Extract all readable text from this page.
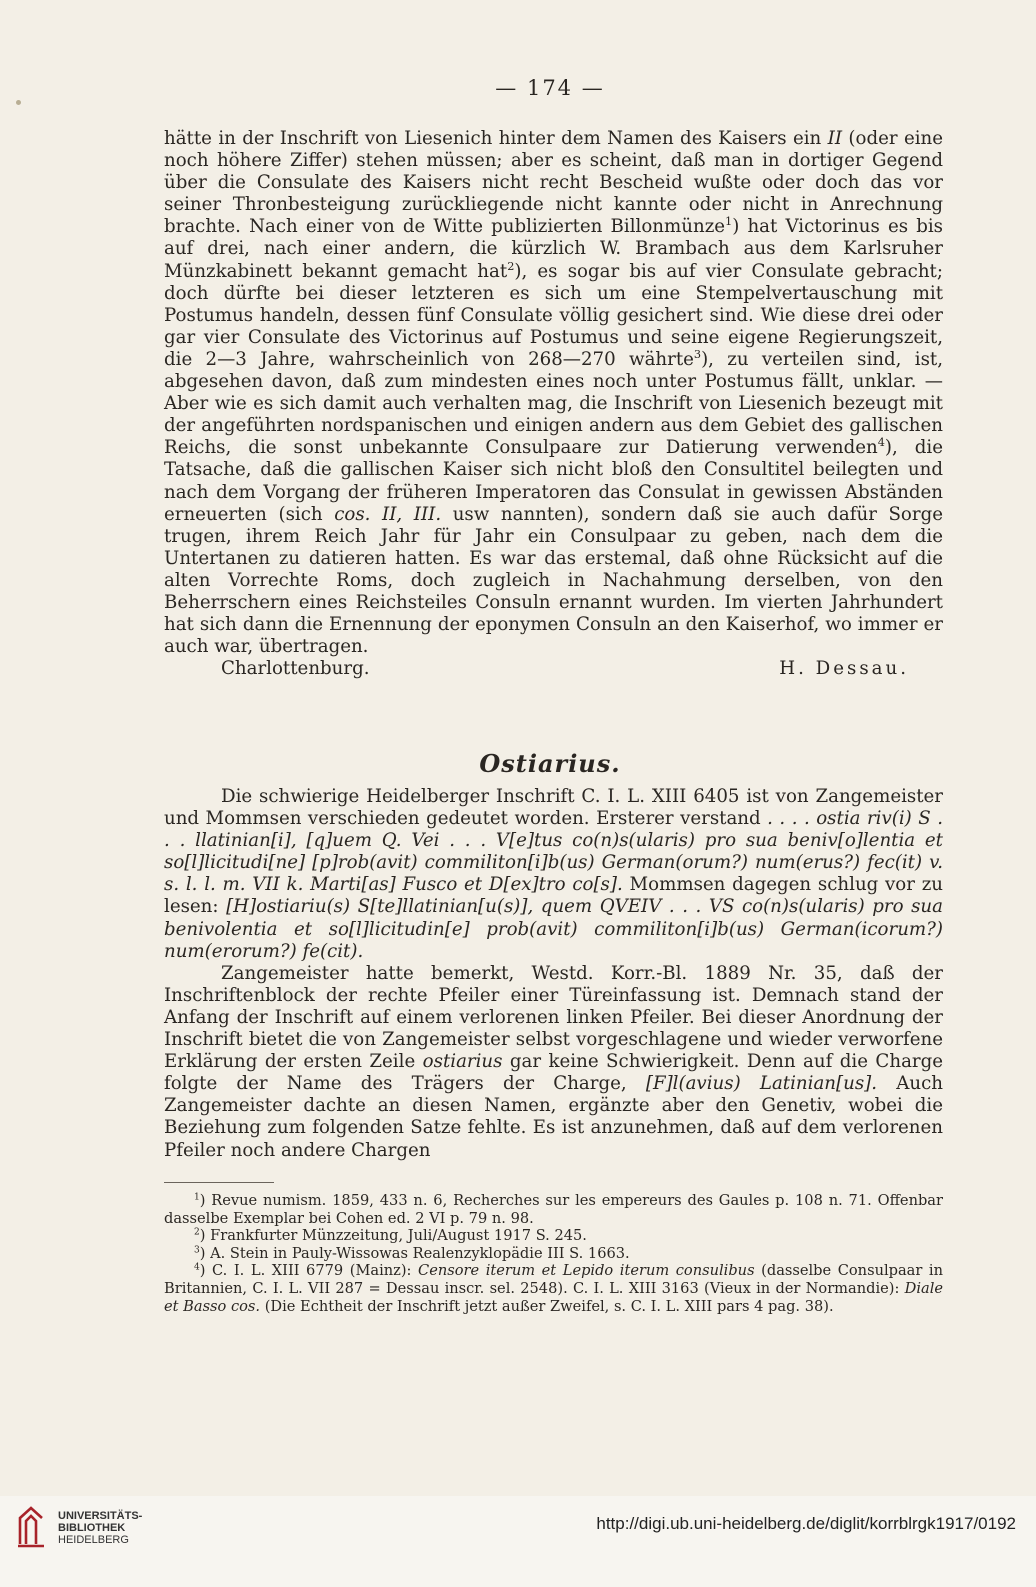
— 174 —

hätte in der Inschrift von Liesenich hinter dem Namen des Kaisers ein II (oder eine noch höhere Ziffer) stehen müssen; aber es scheint, daß man in dortiger Gegend über die Consulate des Kaisers nicht recht Bescheid wußte oder doch das vor seiner Thronbesteigung zurückliegende nicht kannte oder nicht in Anrechnung brachte. Nach einer von de Witte publizierten Billonmünze$^1$) hat Victorinus es bis auf drei, nach einer andern, die kürzlich W. Brambach aus dem Karlsruher Münzkabinett bekannt gemacht hat$^2$), es sogar bis auf vier Consulate gebracht; doch dürfte bei dieser letzteren es sich um eine Stempelvertauschung mit Postumus handeln, dessen fünf Consulate völlig gesichert sind. Wie diese drei oder gar vier Consulate des Victorinus auf Postumus und seine eigene Regierungszeit, die 2—3 Jahre, wahrscheinlich von 268—270 währte$^3$), zu verteilen sind, ist, abgesehen davon, daß zum mindesten eines noch unter Postumus fällt, unklar. — Aber wie es sich damit auch verhalten mag, die Inschrift von Liesenich bezeugt mit der angeführten nordspanischen und einigen andern aus dem Gebiet des gallischen Reichs, die sonst unbekannte Consulpaare zur Datierung verwenden$^4$), die Tatsache, daß die gallischen Kaiser sich nicht bloß den Consultitel beilegten und nach dem Vorgang der früheren Imperatoren das Consulat in gewissen Abständen erneuerten (sich cos. II, III. usw nannten), sondern daß sie auch dafür Sorge trugen, ihrem Reich Jahr für Jahr ein Consulpaar zu geben, nach dem die Untertanen zu datieren hatten. Es war das erstemal, daß ohne Rücksicht auf die alten Vorrechte Roms, doch zugleich in Nachahmung derselben, von den Beherrschern eines Reichsteiles Consuln ernannt wurden. Im vierten Jahrhundert hat sich dann die Ernennung der eponymen Consuln an den Kaiserhof, wo immer er auch war, übertragen.

Charlottenburg.	H. Dessau.

Ostiarius.

Die schwierige Heidelberger Inschrift C. I. L. XIII 6405 ist von Zangemeister und Mommsen verschieden gedeutet worden. Ersterer verstand . . . . ostia riv(i) S . . . llatinian[i], [q]uem Q. Vei . . . V[e]tus co(n)s(ularis) pro sua beniv[o]lentia et so[l]licitudi[ne] [p]rob(avit) commiliton[i]b(us) German(orum?) num(erus?) fec(it) v. s. l. l. m. VII k. Marti[as] Fusco et D[ex]tro co[s]. Mommsen dagegen schlug vor zu lesen: [H]ostiariu(s) S[te]llatinian[u(s)], quem QVEIV . . . VS co(n)s(ularis) pro sua benivolentia et so[l]licitudin[e] prob(avit) commiliton[i]b(us) German(icorum?) num(erorum?) fe(cit).

Zangemeister hatte bemerkt, Westd. Korr.-Bl. 1889 Nr. 35, daß der Inschriftenblock der rechte Pfeiler einer Türeinfassung ist. Demnach stand der Anfang der Inschrift auf einem verlorenen linken Pfeiler. Bei dieser Anordnung der Inschrift bietet die von Zangemeister selbst vorgeschlagene und wieder verworfene Erklärung der ersten Zeile ostiarius gar keine Schwierigkeit. Denn auf die Charge folgte der Name des Trägers der Charge, [F]l(avius) Latinian[us]. Auch Zangemeister dachte an diesen Namen, ergänzte aber den Genetiv, wobei die Beziehung zum folgenden Satze fehlte. Es ist anzunehmen, daß auf dem verlorenen Pfeiler noch andere Chargen

$^1$) Revue numism. 1859, 433 n. 6, Recherches sur les empereurs des Gaules p. 108 n. 71. Offenbar dasselbe Exemplar bei Cohen ed. 2 VI p. 79 n. 98.

$^2$) Frankfurter Münzzeitung, Juli/August 1917 S. 245.

$^3$) A. Stein in Pauly-Wissowas Realenzyklopädie III S. 1663.

$^4$) C. I. L. XIII 6779 (Mainz): Censore iterum et Lepido iterum consulibus (dasselbe Consulpaar in Britannien, C. I. L. VII 287 = Dessau inscr. sel. 2548). C. I. L. XIII 3163 (Vieux in der Normandie): Diale et Basso cos. (Die Echtheit der Inschrift jetzt außer Zweifel, s. C. I. L. XIII pars 4 pag. 38).

UNIVERSITÄTS-
BIBLIOTHEK
HEIDELBERG
http://digi.ub.uni-heidelberg.de/diglit/korrblrgk1917/0192
